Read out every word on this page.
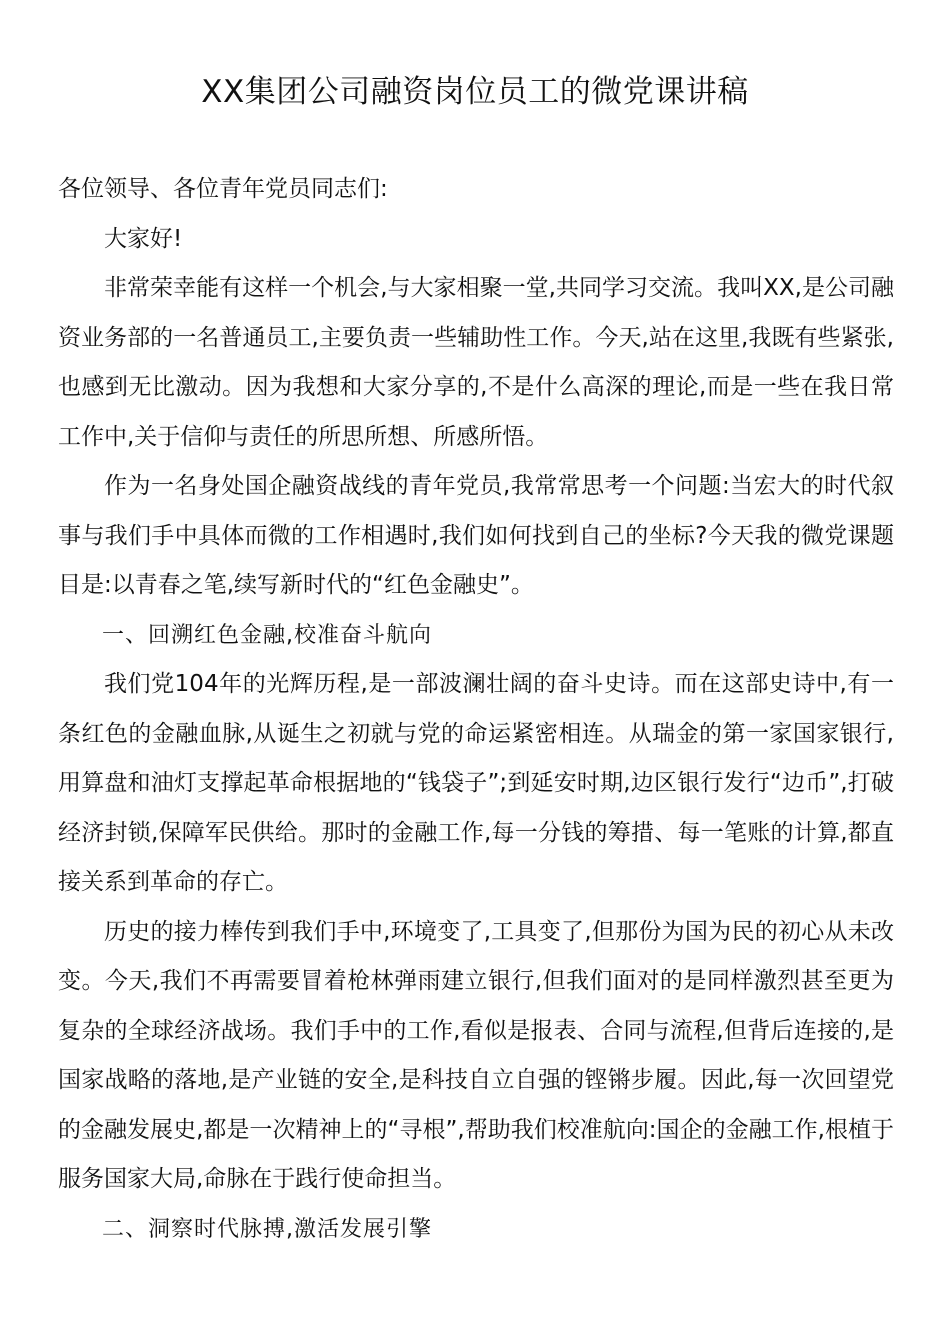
XX集团公司融资岗位员工的微党课讲稿

各位领导、各位青年党员同志们:

大家好!

非常荣幸能有这样一个机会,与大家相聚一堂,共同学习交流。我叫XX,是公司融资业务部的一名普通员工,主要负责一些辅助性工作。今天,站在这里,我既有些紧张,也感到无比激动。因为我想和大家分享的,不是什么高深的理论,而是一些在我日常工作中,关于信仰与责任的所思所想、所感所悟。

作为一名身处国企融资战线的青年党员,我常常思考一个问题:当宏大的时代叙事与我们手中具体而微的工作相遇时,我们如何找到自己的坐标?今天我的微党课题目是:以青春之笔,续写新时代的“红色金融史”。

一、回溯红色金融,校准奋斗航向

我们党104年的光辉历程,是一部波澜壮阔的奋斗史诗。而在这部史诗中,有一条红色的金融血脉,从诞生之初就与党的命运紧密相连。从瑞金的第一家国家银行,用算盘和油灯支撑起革命根据地的“钱袋子”;到延安时期,边区银行发行“边币”,打破经济封锁,保障军民供给。那时的金融工作,每一分钱的筹措、每一笔账的计算,都直接关系到革命的存亡。

历史的接力棒传到我们手中,环境变了,工具变了,但那份为国为民的初心从未改变。今天,我们不再需要冒着枪林弹雨建立银行,但我们面对的是同样激烈甚至更为复杂的全球经济战场。我们手中的工作,看似是报表、合同与流程,但背后连接的,是国家战略的落地,是产业链的安全,是科技自立自强的铿锵步履。因此,每一次回望党的金融发展史,都是一次精神上的“寻根”,帮助我们校准航向:国企的金融工作,根植于服务国家大局,命脉在于践行使命担当。

二、洞察时代脉搏,激活发展引擎
